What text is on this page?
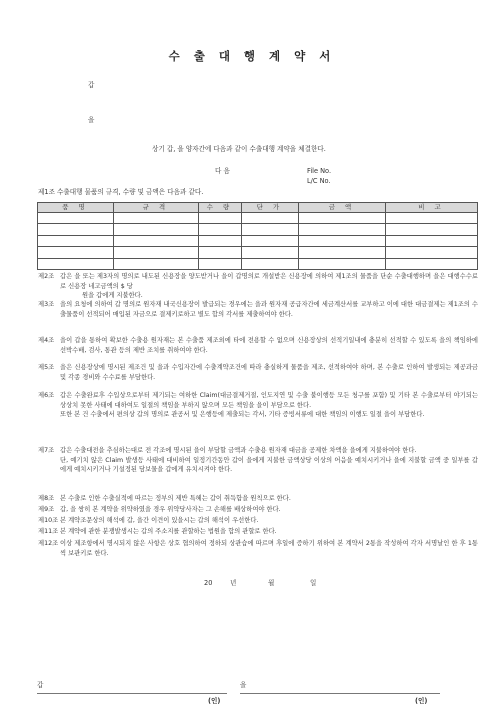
수 출 대 행 계 약 서
갑
을
상기 갑, 을 양자간에 다음과 같이 수출대행 계약을 체결한다.
다 음	File No.
L/C No.
제1조 수출대행 물품의 규격, 수량 및 금액은 다음과 같다.
품 명	규 격	수 량	단 가	금 액	비 고

제2조 갑은 을 또는 제3자의 명의로 내도된 신용장을 양도받거나 을이 갑명의로 개설받은 신용장에 의하여 제1조의 물품을 단순 수출대행하며 을은 대행수수료로 신용장 네고금액의 $ 당

원을 갑에게 지불한다.

제3조 을의 요청에 의하여 갑 명의로 원자재 내국신용장이 발급되는 경우에는 을과 원자재 공급자간에 세금계산서를 교부하고 이에 대한 대금결제는 제1조의 수출물품이 선적되어 매입된 자금으로 결제키로하고 별도 합의 각서를 제출하여야 한다.

제4조 을이 갑을 통하여 확보한 수출용 원자재는 본 수출품 제조외에 타에 전용할 수 없으며 신용장상의 선적기일내에 충분히 선적할 수 있도록 을의 책임하에 선박수배, 검사, 통관 등의 제반 조치를 취하여야 한다.

제5조 을은 신용장상에 명시된 제조건 및 을과 수입자간에 수출계약조건에 따라 충실하게 물품을 제조, 선적하여야 하며, 본 수출로 인하여 발생되는 제공과금 및 각종 경비와 수수료를 부담한다.

제6조 갑은 수출완료후 수입상으로부터 제기되는 여하한 Claim(대금결제거절, 인도지연 및 수출 불이행등 모든 청구를 포함) 및 기타 본 수출로부터 야기되는 상상치 못한 사태에 대하여도 일절의 책임을 부하지 않으며 모든 책임을 을이 부담으로 한다.

또한 본 건 수출에서 편의상 갑의 명의로 관공서 및 은행등에 제출되는 각서, 기타 증빙서류에 대한 책임의 이행도 일절 을이 부담한다.

제7조 갑은 수출대전을 추심하는대로 전 각조에 명시된 을이 부담할 금액과 수출용 원자재 대금을 공제한 차액을 을에게 지불하여야 한다.

단, 예기치 않은 Claim 발생등 사태에 대비하여 일정기간동안 갑이 을에게 지불한 금액상당 이상의 어음을 예치시키거나 을에 지불할 금액 중 일부를 갑에게 예치시키거나 기설정된 담보물을 갑에게 유치시켜야 한다.

제8조 본 수출로 인한 수출실적에 따르는 정부의 제반 특혜는 갑이 취득함을 원칙으로 한다.

제9조 갑, 을 쌍히 본 계약을 위약하였을 경우 위약당사자는 그 손해를 배상하여야 한다.

제10조 본 계약조문상의 해석에 갑, 을간 이견이 있을시는 갑의 해석이 우선한다.

제11조 본 계약에 관한 분쟁발생시는 갑의 주소지를 관할하는 법원을 합의 관할로 한다.

제12조 이상 제조항에서 명시되지 않은 사항은 상호 협의하여 정하되 상관습에 따르며 후일에 증하기 위하여 본 계약서 2통을 작성하여 각자 서명날인 한 후 1통씩 보관키로 한다.

20	년	월	일
갑	을
(인)	(인)
